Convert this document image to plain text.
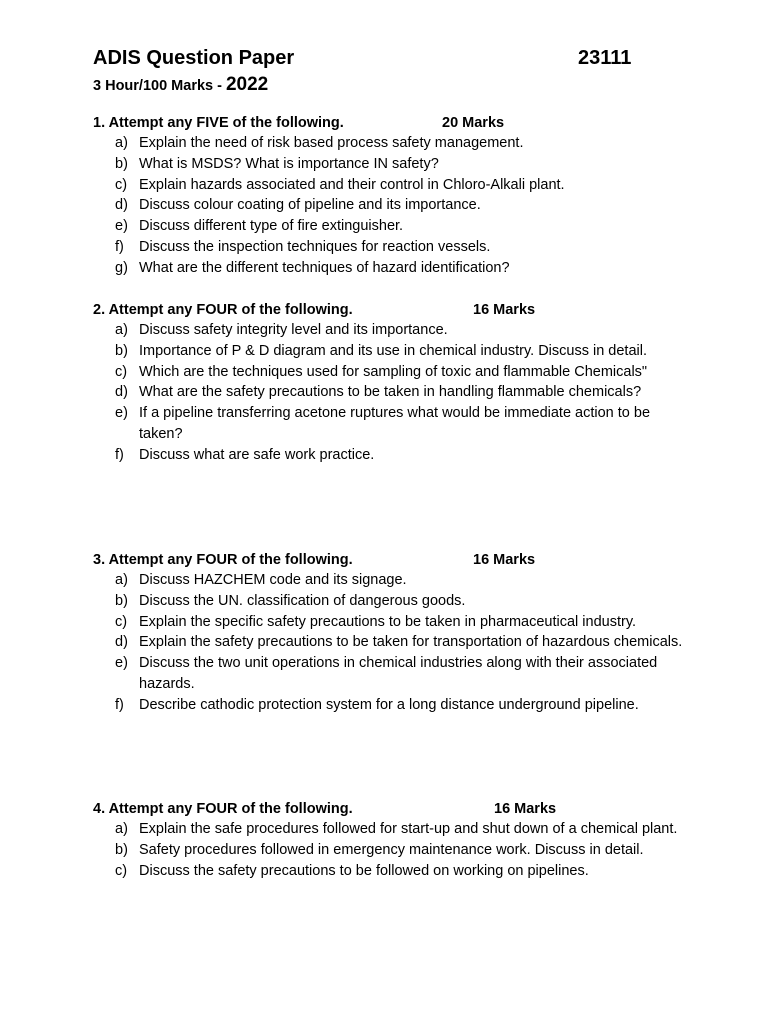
ADIS Question Paper	23111
3 Hour/100 Marks - 2022
1. Attempt any FIVE of the following.	20 Marks
a) Explain the need of risk based process safety management.
b) What is MSDS? What is importance IN safety?
c) Explain hazards associated and their control in Chloro-Alkali plant.
d) Discuss colour coating of pipeline and its importance.
e) Discuss different type of fire extinguisher.
f) Discuss the inspection techniques for reaction vessels.
g) What are the different techniques of hazard identification?
2. Attempt any FOUR of the following.	16 Marks
a) Discuss safety integrity level and its importance.
b) Importance of P & D diagram and its use in chemical industry. Discuss in detail.
c) Which are the techniques used for sampling of toxic and flammable Chemicals"
d) What are the safety precautions to be taken in handling flammable chemicals?
e) If a pipeline transferring acetone ruptures what would be immediate action to be taken?
f) Discuss what are safe work practice.
3. Attempt any FOUR of the following.	16 Marks
a) Discuss HAZCHEM code and its signage.
b) Discuss the UN. classification of dangerous goods.
c) Explain the specific safety precautions to be taken in pharmaceutical industry.
d) Explain the safety precautions to be taken for transportation of hazardous chemicals.
e) Discuss the two unit operations in chemical industries along with their associated hazards.
f) Describe cathodic protection system for a long distance underground pipeline.
4. Attempt any FOUR of the following.	16 Marks
a) Explain the safe procedures followed for start-up and shut down of a chemical plant.
b) Safety procedures followed in emergency maintenance work. Discuss in detail.
c) Discuss the safety precautions to be followed on working on pipelines.
